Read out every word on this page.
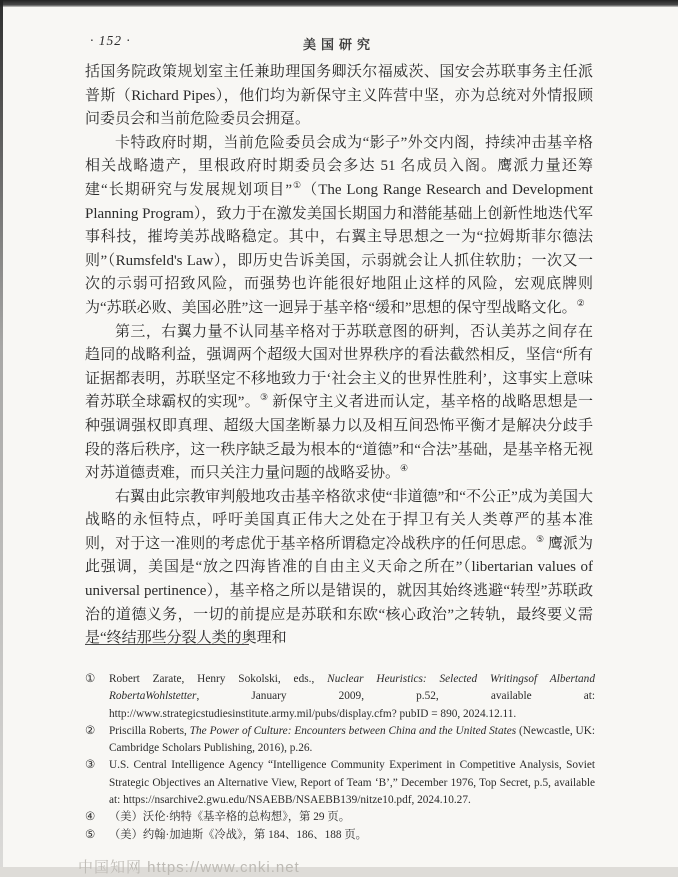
· 152 ·	美国研究

括国务院政策规划室主任兼助理国务卿沃尔福威茨、国安会苏联事务主任派普斯（Richard Pipes），他们均为新保守主义阵营中坚，亦为总统对外情报顾问委员会和当前危险委员会拥趸。

卡特政府时期，当前危险委员会成为“影子”外交内阁，持续冲击基辛格相关战略遗产，里根政府时期委员会多达 51 名成员入阁。鹰派力量还筹建“长期研究与发展规划项目”①（The Long Range Research and Development Planning Program），致力于在激发美国长期国力和潜能基础上创新性地迭代军事科技，摧垮美苏战略稳定。其中，右翼主导思想之一为“拉姆斯菲尔德法则”（Rumsfeld's Law），即历史告诉美国，示弱就会让人抓住软肋；一次又一次的示弱可招致风险，而强势也许能很好地阻止这样的风险，宏观底牌则为“苏联必败、美国必胜”这一迥异于基辛格“缓和”思想的保守型战略文化。②

第三，右翼力量不认同基辛格对于苏联意图的研判，否认美苏之间存在趋同的战略利益，强调两个超级大国对世界秩序的看法截然相反，坚信“所有证据都表明，苏联坚定不移地致力于‘社会主义的世界性胜利’，这事实上意味着苏联全球霸权的实现”。③ 新保守主义者进而认定，基辛格的战略思想是一种强调强权即真理、超级大国垄断暴力以及相互间恐怖平衡才是解决分歧手段的落后秩序，这一秩序缺乏最为根本的“道德”和“合法”基础，是基辛格无视对苏道德责难，而只关注力量问题的战略妥协。④

右翼由此宗教审判般地攻击基辛格欲求使“非道德”和“不公正”成为美国大战略的永恒特点，呼吁美国真正伟大之处在于捍卫有关人类尊严的基本准则，对于这一准则的考虑优于基辛格所谓稳定冷战秩序的任何思虑。⑤ 鹰派为此强调，美国是“放之四海皆准的自由主义天命之所在”（libertarian values of universal pertinence），基辛格之所以是错误的，就因其始终逃避“转型”苏联政治的道德义务，一切的前提应是苏联和东欧“核心政治”之转轨，最终要义需是“终结那些分裂人类的奥理和

①	Robert Zarate, Henry Sokolski, eds., Nuclear Heuristics: Selected Writingsof Albertand RobertaWohlstetter, January 2009, p.52, available at: http://www.strategicstudiesinstitute.army.mil/pubs/display.cfm? pubID = 890, 2024.12.11.
②	Priscilla Roberts, The Power of Culture: Encounters between China and the United States (Newcastle, UK: Cambridge Scholars Publishing, 2016), p.26.
③	U.S. Central Intelligence Agency “Intelligence Community Experiment in Competitive Analysis, Soviet Strategic Objectives an Alternative View, Report of Team ‘B’,” December 1976, Top Secret, p.5, available at: https://nsarchive2.gwu.edu/NSAEBB/NSAEBB139/nitze10.pdf, 2024.10.27.
④	（美）沃伦·纳特《基辛格的总构想》，第 29 页。
⑤	（美）约翰·加迪斯《冷战》，第 184、186、188 页。
中国知网 https://www.cnki.net
